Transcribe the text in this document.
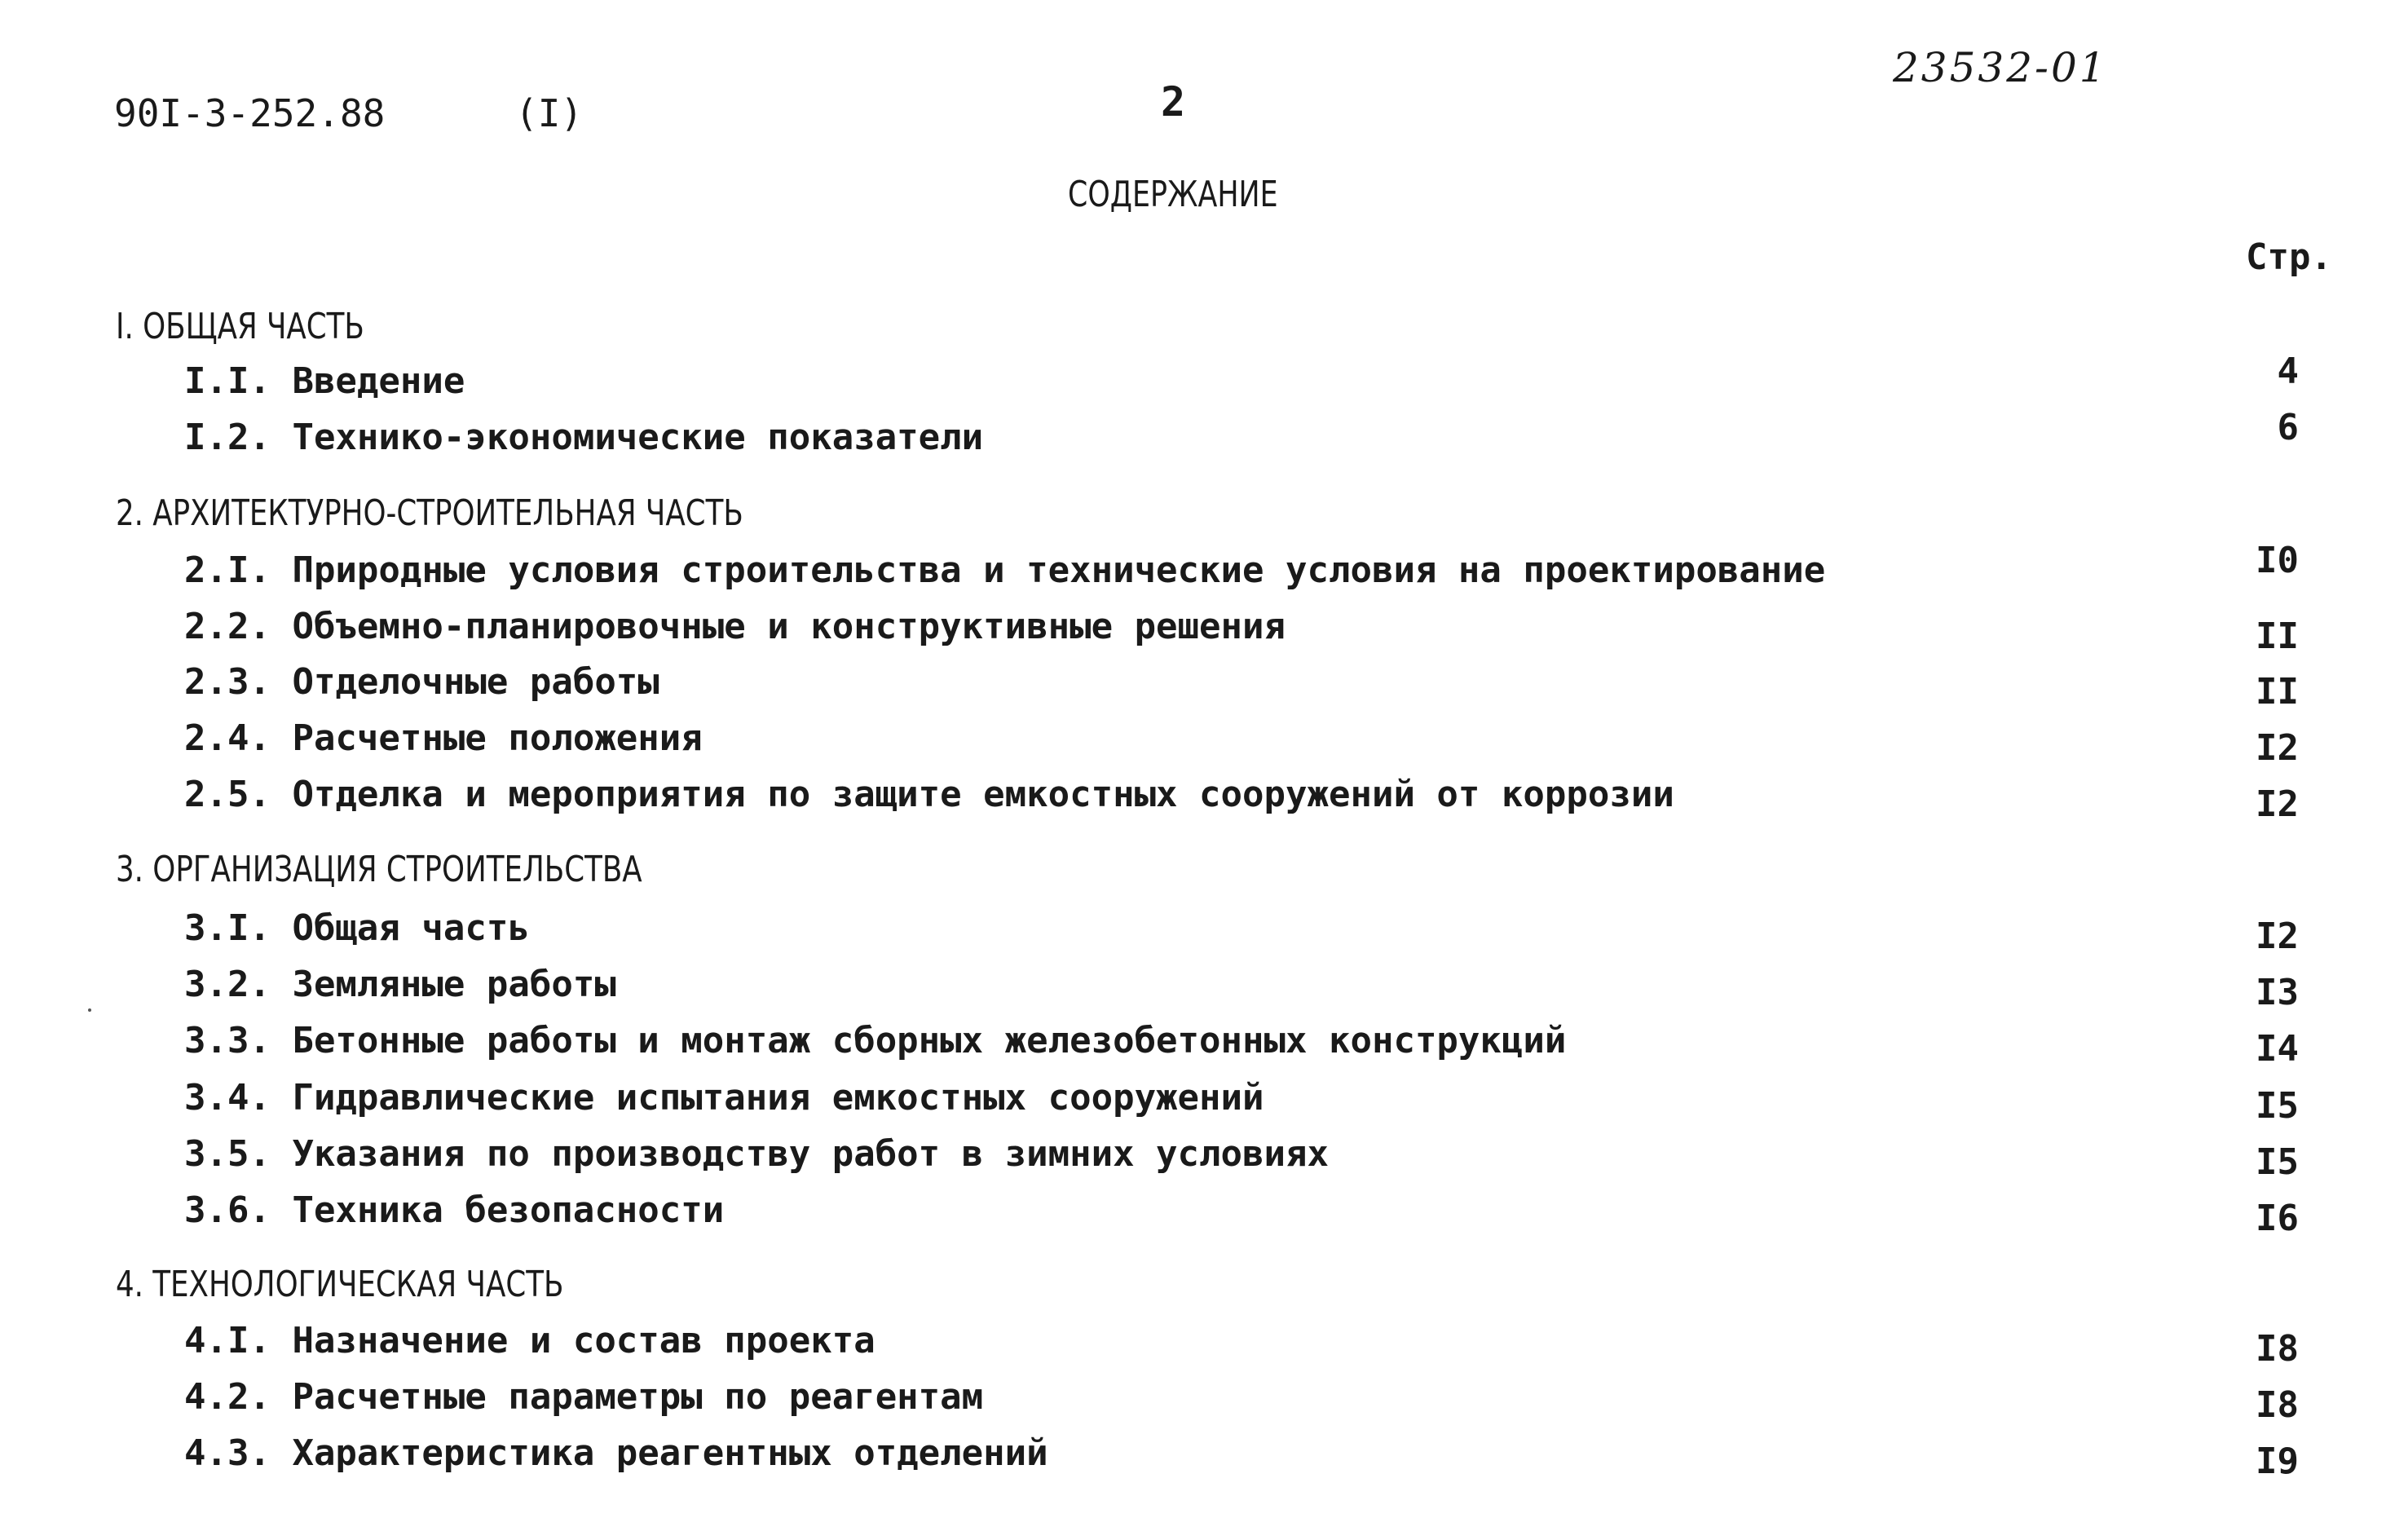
90I-3-252.88	(I)	2
23532-01
СОДЕРЖАНИЕ
Стр.
I. ОБЩАЯ ЧАСТЬ
I.I. Введение	4
I.2. Технико-экономические показатели	6
2. АРХИТЕКТУРНО-СТРОИТЕЛЬНАЯ ЧАСТЬ
2.I. Природные условия строительства и технические условия на проектирование	I0
2.2. Объемно-планировочные и конструктивные решения	II
2.3. Отделочные работы	II
2.4. Расчетные положения	I2
2.5. Отделка и мероприятия по защите емкостных сооружений от коррозии	I2
3. ОРГАНИЗАЦИЯ СТРОИТЕЛЬСТВА
3.I. Общая часть	I2
3.2. Земляные работы	I3
3.3. Бетонные работы и монтаж сборных железобетонных конструкций	I4
3.4. Гидравлические испытания емкостных сооружений	I5
3.5. Указания по производству работ в зимних условиях	I5
3.6. Техника безопасности	I6
4. ТЕХНОЛОГИЧЕСКАЯ ЧАСТЬ
4.I. Назначение и состав проекта	I8
4.2. Расчетные параметры по реагентам	I8
4.3. Характеристика реагентных отделений	I9
